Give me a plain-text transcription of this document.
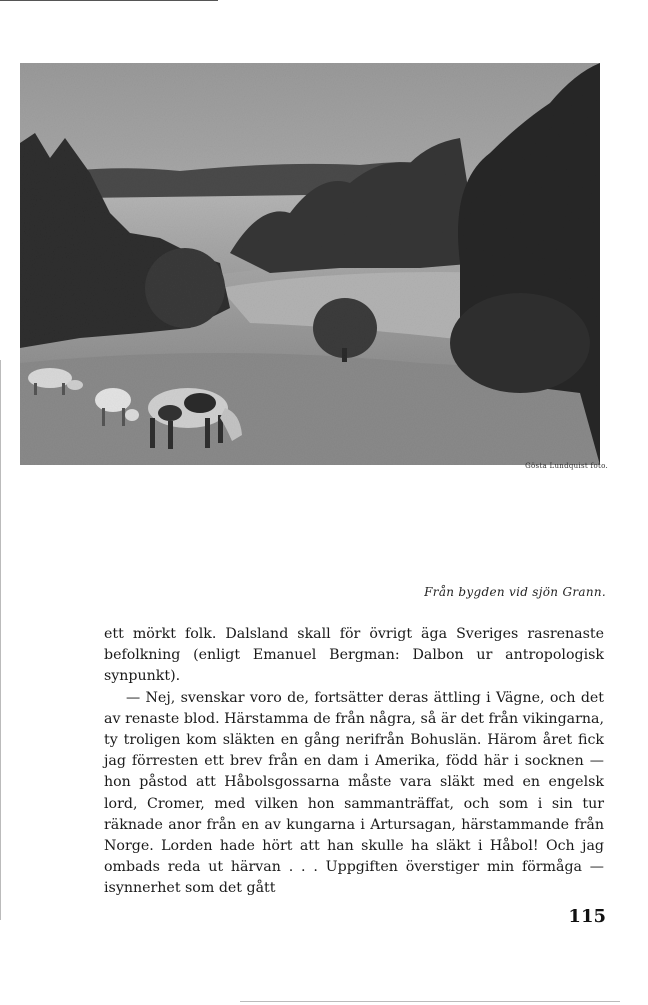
Gösta Lundquist foto.
Från bygden vid sjön Grann.

ett mörkt folk. Dalsland skall för övrigt äga Sveriges rasrenaste befolkning (enligt Emanuel Bergman: Dalbon ur antropologisk synpunkt).

— Nej, svenskar voro de, fortsätter deras ättling i Vägne, och det av renaste blod. Härstamma de från några, så är det från vikingarna, ty troligen kom släkten en gång nerifrån Bohuslän. Härom året fick jag förresten ett brev från en dam i Amerika, född här i socknen — hon påstod att Håbolsgossarna måste vara släkt med en engelsk lord, Cromer, med vilken hon sammanträffat, och som i sin tur räknade anor från en av kungarna i Artursagan, härstammande från Norge. Lorden hade hört att han skulle ha släkt i Håbol! Och jag ombads reda ut härvan . . . Uppgiften överstiger min förmåga — isynnerhet som det gått

115
